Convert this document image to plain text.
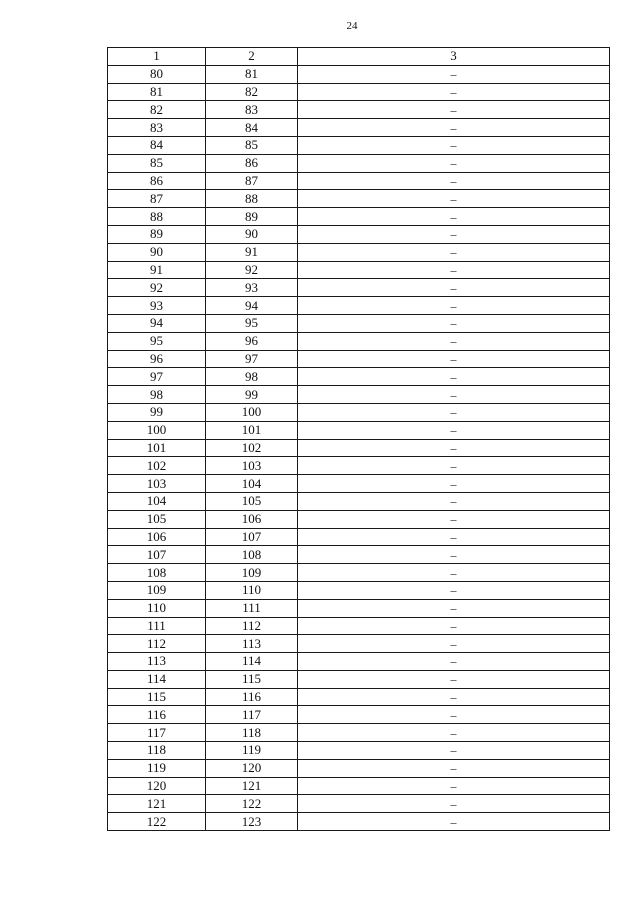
24
1	2	3
80	81	–
81	82	–
82	83	–
83	84	–
84	85	–
85	86	–
86	87	–
87	88	–
88	89	–
89	90	–
90	91	–
91	92	–
92	93	–
93	94	–
94	95	–
95	96	–
96	97	–
97	98	–
98	99	–
99	100	–
100	101	–
101	102	–
102	103	–
103	104	–
104	105	–
105	106	–
106	107	–
107	108	–
108	109	–
109	110	–
110	111	–
111	112	–
112	113	–
113	114	–
114	115	–
115	116	–
116	117	–
117	118	–
118	119	–
119	120	–
120	121	–
121	122	–
122	123	–
